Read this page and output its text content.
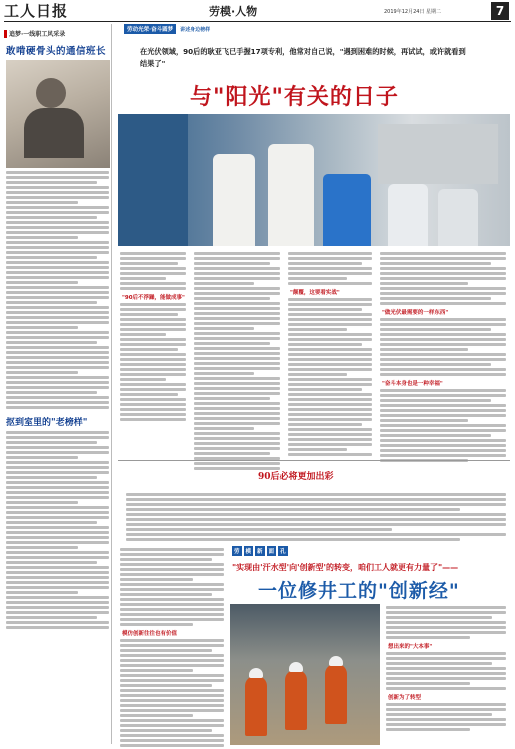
工人日报	劳模·人物	2019年12月24日 星期二	7
追梦·一线职工风采录
敢啃硬骨头的通信班长
抠到室里的"老榜样"
劳动光荣·奋斗圆梦	讲述身边榜样
在光伏领域，90后的耿亚飞已手握17项专利，他常对自己说，"遇到困难的时候，再试试，或许就看到结果了"
与"阳光"有关的日子
"90后不浮躁，能做成事"
"颠覆，这要看实战"
"做光伏最需要的一样东西"
"奋斗本身也是一种幸福"
90后必将更加出彩
劳	模	新	面	孔
"实现由'汗水型'向'创新型'的转变，咱们工人就更有力量了"——
一位修井工的"创新经"
模仿创新往往也有价值
想出来的"大本事"
创新为了转型
